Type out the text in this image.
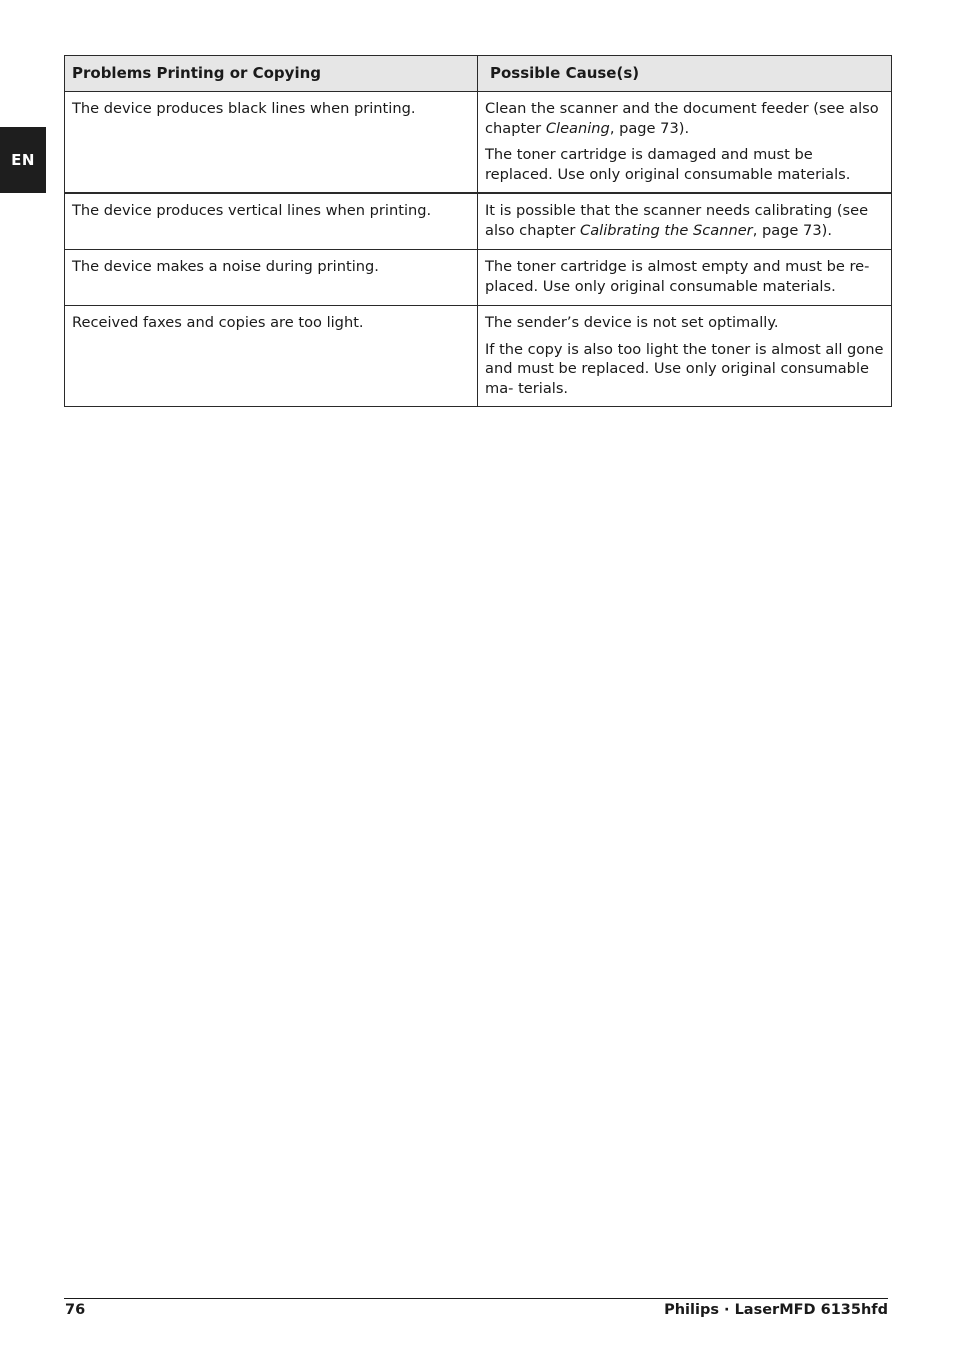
EN
Problems Printing or Copying	Possible Cause(s)
The device produces black lines when printing.	Clean the scanner and the document feeder (see also chapter Cleaning, page 73).

The toner cartridge is damaged and must be replaced. Use only original consumable materials.

The device produces vertical lines when printing.	It is possible that the scanner needs calibrating (see also chapter Calibrating the Scanner, page 73).

The device makes a noise during printing.	The toner cartridge is almost empty and must be re- placed. Use only original consumable materials.

Received faxes and copies are too light.	The sender’s device is not set optimally.

If the copy is also too light the toner is almost all gone and must be replaced. Use only original consumable ma- terials.

76	Philips · LaserMFD 6135hfd
